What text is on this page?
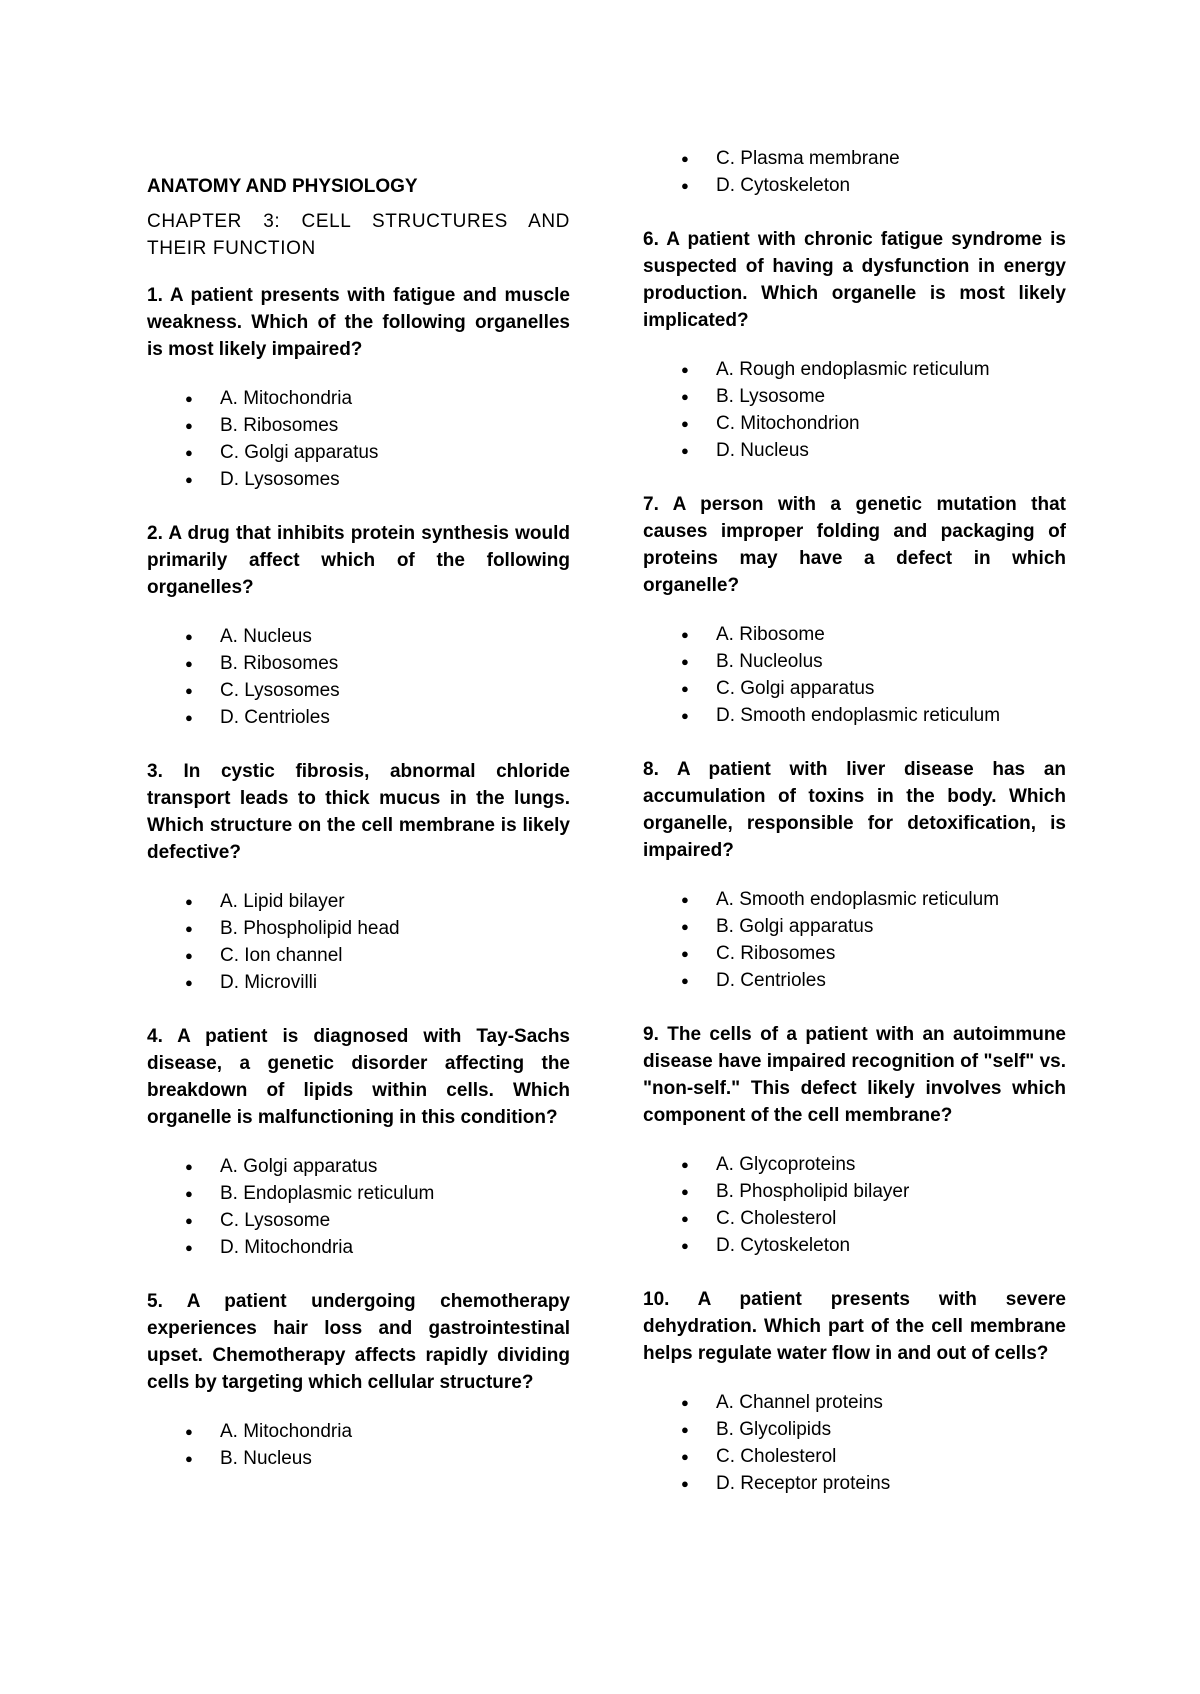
ANATOMY AND PHYSIOLOGY
CHAPTER 3: CELL STRUCTURES AND THEIR FUNCTION
1. A patient presents with fatigue and muscle weakness. Which of the following organelles is most likely impaired?
● A. Mitochondria
● B. Ribosomes
● C. Golgi apparatus
● D. Lysosomes
2. A drug that inhibits protein synthesis would primarily affect which of the following organelles?
● A. Nucleus
● B. Ribosomes
● C. Lysosomes
● D. Centrioles
3. In cystic fibrosis, abnormal chloride transport leads to thick mucus in the lungs. Which structure on the cell membrane is likely defective?
● A. Lipid bilayer
● B. Phospholipid head
● C. Ion channel
● D. Microvilli
4. A patient is diagnosed with Tay-Sachs disease, a genetic disorder affecting the breakdown of lipids within cells. Which organelle is malfunctioning in this condition?
● A. Golgi apparatus
● B. Endoplasmic reticulum
● C. Lysosome
● D. Mitochondria
5. A patient undergoing chemotherapy experiences hair loss and gastrointestinal upset. Chemotherapy affects rapidly dividing cells by targeting which cellular structure?
● A. Mitochondria
● B. Nucleus
● C. Plasma membrane
● D. Cytoskeleton
6. A patient with chronic fatigue syndrome is suspected of having a dysfunction in energy production. Which organelle is most likely implicated?
● A. Rough endoplasmic reticulum
● B. Lysosome
● C. Mitochondrion
● D. Nucleus
7. A person with a genetic mutation that causes improper folding and packaging of proteins may have a defect in which organelle?
● A. Ribosome
● B. Nucleolus
● C. Golgi apparatus
● D. Smooth endoplasmic reticulum
8. A patient with liver disease has an accumulation of toxins in the body. Which organelle, responsible for detoxification, is impaired?
● A. Smooth endoplasmic reticulum
● B. Golgi apparatus
● C. Ribosomes
● D. Centrioles
9. The cells of a patient with an autoimmune disease have impaired recognition of "self" vs. "non-self." This defect likely involves which component of the cell membrane?
● A. Glycoproteins
● B. Phospholipid bilayer
● C. Cholesterol
● D. Cytoskeleton
10. A patient presents with severe dehydration. Which part of the cell membrane helps regulate water flow in and out of cells?
● A. Channel proteins
● B. Glycolipids
● C. Cholesterol
● D. Receptor proteins
